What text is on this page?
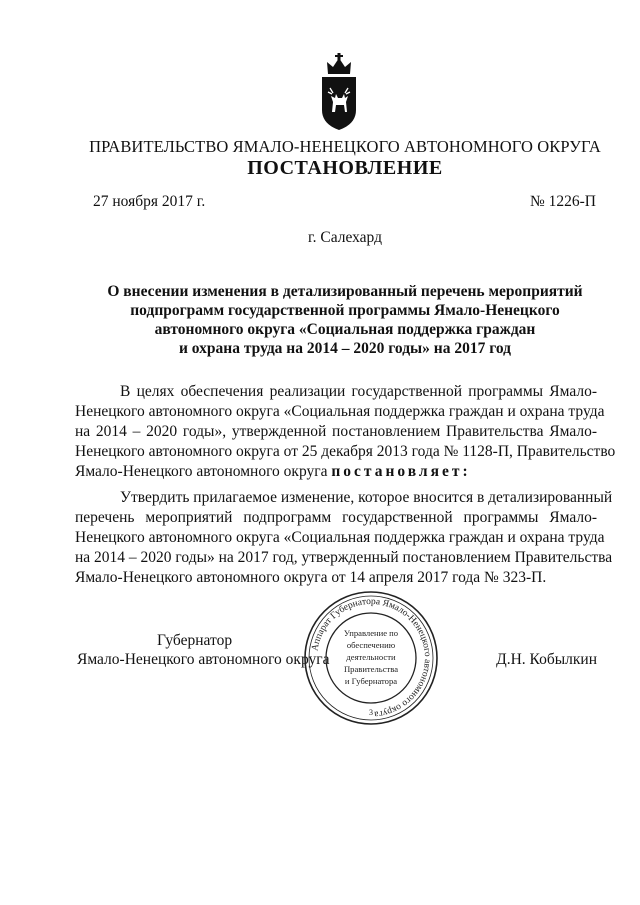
ПРАВИТЕЛЬСТВО ЯМАЛО-НЕНЕЦКОГО АВТОНОМНОГО ОКРУГА
ПОСТАНОВЛЕНИЕ
27 ноября 2017 г.	№ 1226-П
г. Салехард
О внесении изменения в детализированный перечень мероприятий
подпрограмм государственной программы Ямало-Ненецкого
автономного округа «Социальная поддержка граждан
и охрана труда на 2014 – 2020 годы» на 2017 год
В целях обеспечения реализации государственной программы Ямало-
Ненецкого автономного округа «Социальная поддержка граждан и охрана труда
на 2014 – 2020 годы», утвержденной постановлением Правительства Ямало-
Ненецкого автономного округа от 25 декабря 2013 года № 1128-П, Правительство
Ямало-Ненецкого автономного округа постановляет:
Утвердить прилагаемое изменение, которое вносится в детализированный
перечень мероприятий подпрограмм государственной программы Ямало-
Ненецкого автономного округа «Социальная поддержка граждан и охрана труда
на 2014 – 2020 годы» на 2017 год, утвержденный постановлением Правительства
Ямало-Ненецкого автономного округа от 14 апреля 2017 года № 323-П.
Губернатор
Ямало-Ненецкого автономного округа	Д.Н. Кобылкин
Аппарат Губернатора Ямало-Ненецкого автономного округа
3
Управление по
обеспечению
деятельности
Правительства
и Губернатора
